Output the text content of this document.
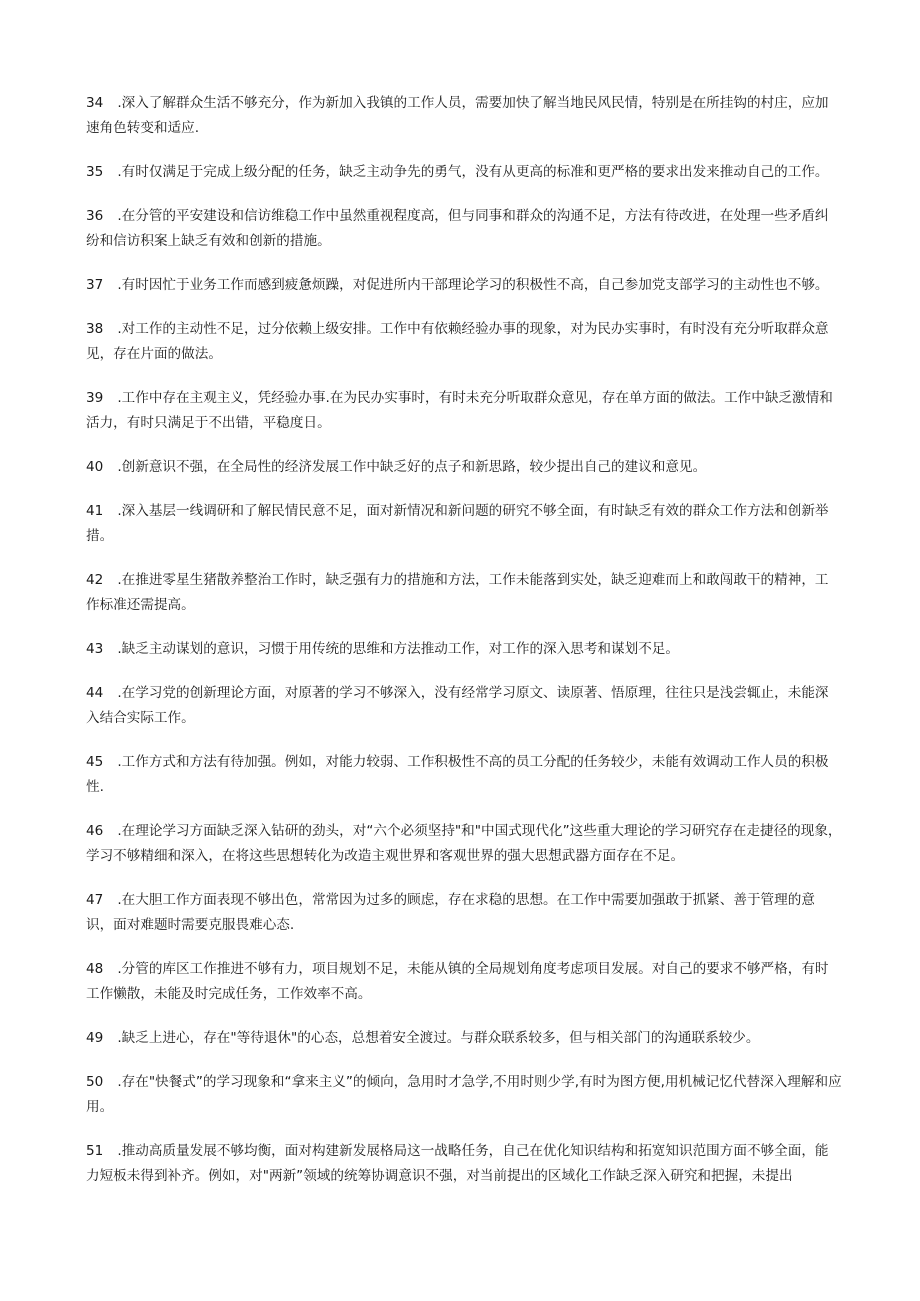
34 .深入了解群众生活不够充分，作为新加入我镇的工作人员，需要加快了解当地民风民情，特别是在所挂钩的村庄，应加速角色转变和适应.

35 .有时仅满足于完成上级分配的任务，缺乏主动争先的勇气，没有从更高的标准和更严格的要求出发来推动自己的工作。

36 .在分管的平安建设和信访维稳工作中虽然重视程度高，但与同事和群众的沟通不足，方法有待改进，在处理一些矛盾纠纷和信访积案上缺乏有效和创新的措施。

37 .有时因忙于业务工作而感到疲惫烦躁，对促进所内干部理论学习的积极性不高，自己参加党支部学习的主动性也不够。

38 .对工作的主动性不足，过分依赖上级安排。工作中有依赖经验办事的现象，对为民办实事时，有时没有充分听取群众意见，存在片面的做法。

39 .工作中存在主观主义，凭经验办事.在为民办实事时，有时未充分听取群众意见，存在单方面的做法。工作中缺乏激情和活力，有时只满足于不出错，平稳度日。

40 .创新意识不强，在全局性的经济发展工作中缺乏好的点子和新思路，较少提出自己的建议和意见。

41 .深入基层一线调研和了解民情民意不足，面对新情况和新问题的研究不够全面，有时缺乏有效的群众工作方法和创新举措。

42 .在推进零星生猪散养整治工作时，缺乏强有力的措施和方法，工作未能落到实处，缺乏迎难而上和敢闯敢干的精神，工作标准还需提高。

43 .缺乏主动谋划的意识，习惯于用传统的思维和方法推动工作，对工作的深入思考和谋划不足。

44 .在学习党的创新理论方面，对原著的学习不够深入，没有经常学习原文、读原著、悟原理，往往只是浅尝辄止，未能深入结合实际工作。

45 .工作方式和方法有待加强。例如，对能力较弱、工作积极性不高的员工分配的任务较少，未能有效调动工作人员的积极性.

46 .在理论学习方面缺乏深入钻研的劲头，对“六个必须坚持"和"中国式现代化”这些重大理论的学习研究存在走捷径的现象，学习不够精细和深入，在将这些思想转化为改造主观世界和客观世界的强大思想武器方面存在不足。

47 .在大胆工作方面表现不够出色，常常因为过多的顾虑，存在求稳的思想。在工作中需要加强敢于抓紧、善于管理的意识，面对难题时需要克服畏难心态.

48 .分管的库区工作推进不够有力，项目规划不足，未能从镇的全局规划角度考虑项目发展。对自己的要求不够严格，有时工作懒散，未能及时完成任务，工作效率不高。

49 .缺乏上进心，存在"等待退休"的心态，总想着安全渡过。与群众联系较多，但与相关部门的沟通联系较少。

50 .存在"快餐式”的学习现象和“拿来主义”的倾向，急用时才急学,不用时则少学,有时为图方便,用机械记忆代替深入理解和应用。

51 .推动高质量发展不够均衡，面对构建新发展格局这一战略任务，自己在优化知识结构和拓宽知识范围方面不够全面，能力短板未得到补齐。例如，对"两新”领域的统筹协调意识不强，对当前提出的区域化工作缺乏深入研究和把握，未提出
